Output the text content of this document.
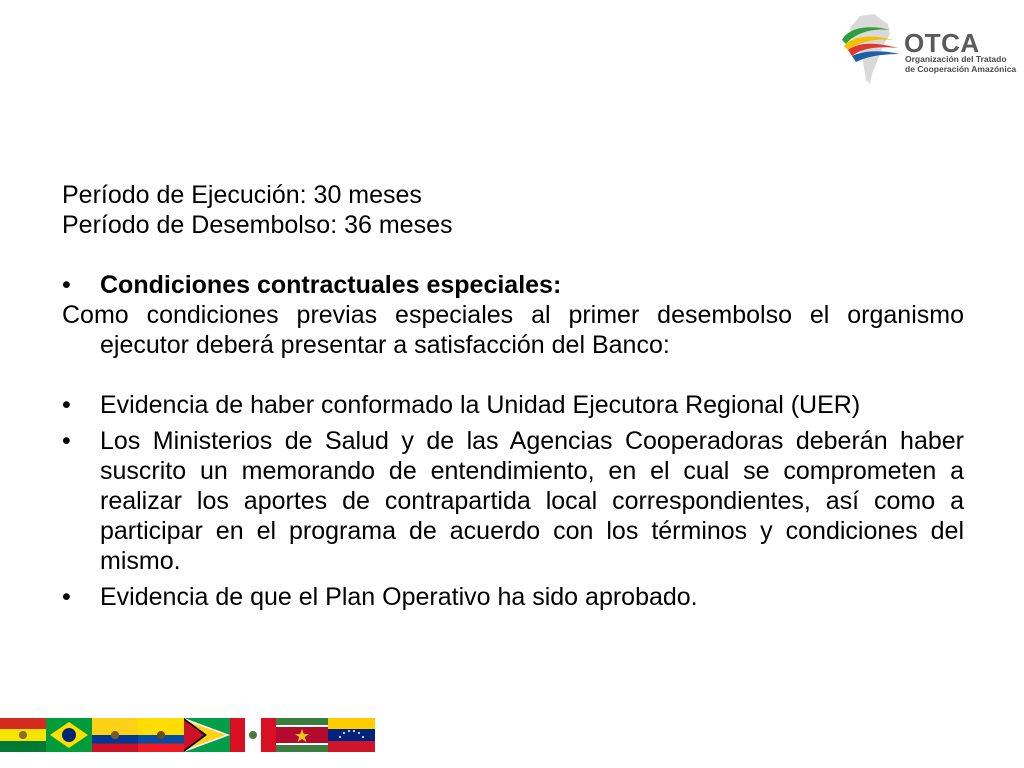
OTCA
Organización del Tratado
de Cooperación Amazónica

Período de Ejecución: 30 meses

Período de Desembolso: 36 meses

•	Condiciones contractuales especiales:

Como condiciones previas especiales al primer desembolso el organismo ejecutor deberá presentar a satisfacción del Banco:

•	Evidencia de haber conformado la Unidad Ejecutora Regional (UER)

•	Los Ministerios de Salud y de las Agencias Cooperadoras deberán haber suscrito un memorando de entendimiento, en el cual se comprometen a realizar los aportes de contrapartida local correspondientes, así como a participar en el programa de acuerdo con los términos y condiciones del mismo.

•	Evidencia de que el Plan Operativo ha sido aprobado.
